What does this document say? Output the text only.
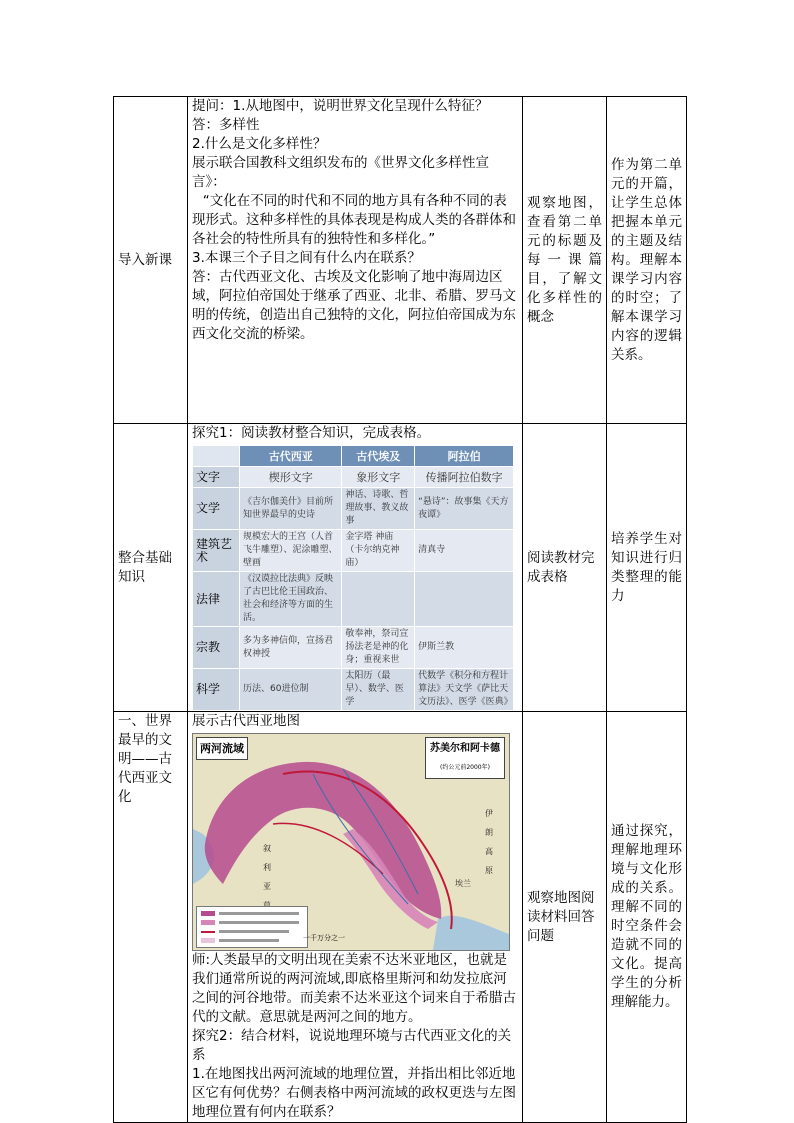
导入新课	
提问：1.从地图中，说明世界文化呈现什么特征？
答：多样性
2.什么是文化多样性？
展示联合国教科文组织发布的《世界文化多样性宣言》：
“文化在不同的时代和不同的地方具有各种不同的表现形式。这种多样性的具体表现是构成人类的各群体和各社会的特性所具有的独特性和多样化。”
3.本课三个子目之间有什么内在联系？
答：古代西亚文化、古埃及文化影响了地中海周边区域，阿拉伯帝国处于继承了西亚、北非、希腊、罗马文明的传统，创造出自己独特的文化，阿拉伯帝国成为东西文化交流的桥梁。
	观察地图，查看第二单元的标题及每一课篇目，了解文化多样性的概念	作为第二单元的开篇，让学生总体把握本单元的主题及结构。理解本课学习内容的时空；了解本课学习内容的逻辑关系。
整合基础知识	
探究1：阅读教材整合知识，完成表格。
	古代西亚	古代埃及	阿拉伯
文字	楔形文字	象形文字	传播阿拉伯数字
文学	《吉尔伽美什》目前所知世界最早的史诗	神话、诗歌、哲理故事、教义故事	“悬诗”：故事集《天方夜谭》
建筑艺术	规模宏大的王宫（人首飞牛雕塑）、泥涂雕塑、壁画	金字塔 神庙（卡尔纳克神庙）	清真寺
法律	《汉谟拉比法典》反映了古巴比伦王国政治、社会和经济等方面的生活。		
宗教	多为多神信仰，宣扬君权神授	敬奉神，祭司宣扬法老是神的化身；重视来世	伊斯兰教
科学	历法、60进位制	太阳历（最早）、数学、医学	代数学《积分和方程计算法》天文学《萨比天文历法》、医学《医典》
	阅读教材完成表格	培养学生对知识进行归类整理的能力
一、世界最早的文明——古代西亚文化	
展示古代西亚地图
两河流域	苏美尔和阿卡德
(约公元前2000年)
叙利亚
伊朗高原
埃兰
一千万分之一
师:人类最早的文明出现在美索不达米亚地区，也就是我们通常所说的两河流域,即底格里斯河和幼发拉底河之间的河谷地带。而美索不达米亚这个词来自于希腊古代的文献。意思就是两河之间的地方。
探究2：结合材料，说说地理环境与古代西亚文化的关系
1.在地图找出两河流域的地理位置，并指出相比邻近地区它有何优势？右侧表格中两河流域的政权更迭与左图地理位置有何内在联系？
	观察地图阅读材料回答问题	通过探究，理解地理环境与文化形成的关系。理解不同的时空条件会造就不同的文化。提高学生的分析理解能力。
